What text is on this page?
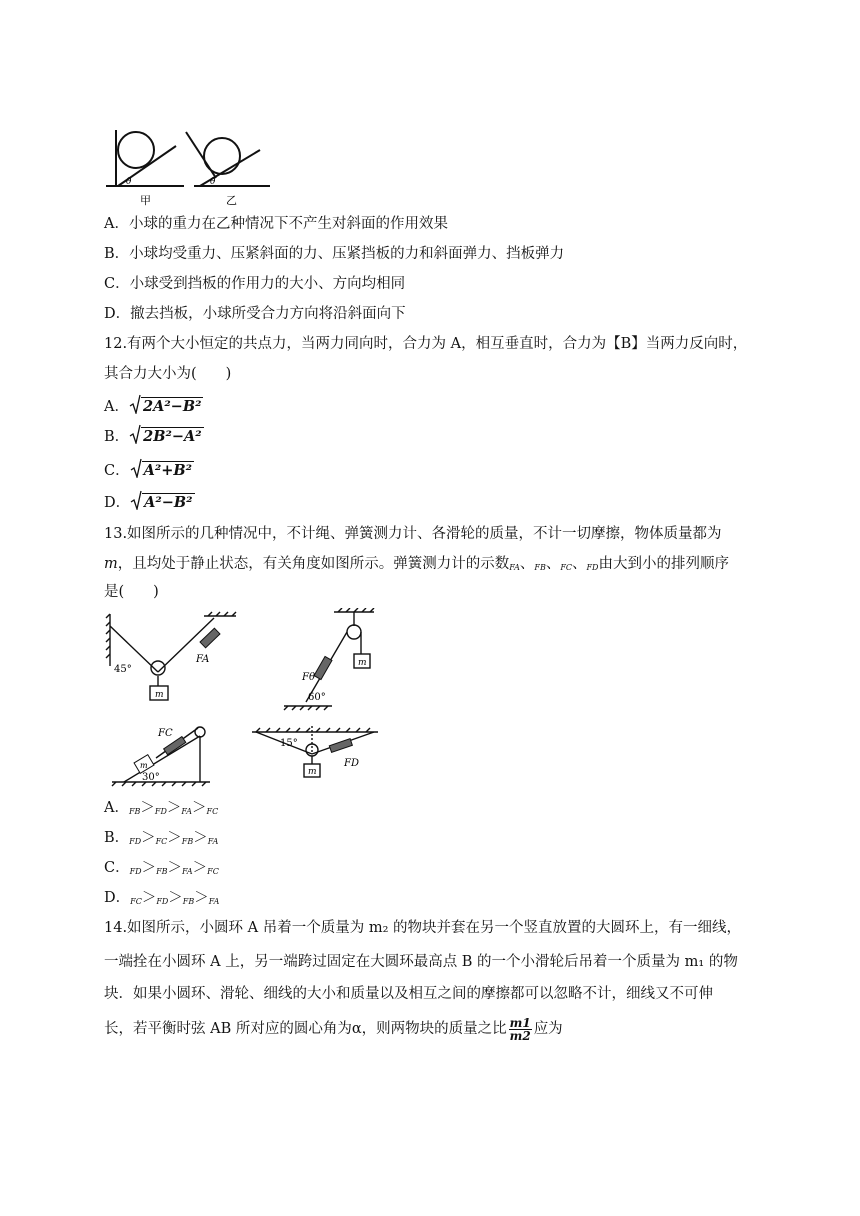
θ	θ
甲	乙
A．小球的重力在乙种情况下不产生对斜面的作用效果
B．小球均受重力、压紧斜面的力、压紧挡板的力和斜面弹力、挡板弹力
C．小球受到挡板的作用力的大小、方向均相同
D．撤去挡板，小球所受合力方向将沿斜面向下
12.有两个大小恒定的共点力，当两力同向时，合力为 A，相互垂直时，合力为【B】当两力反向时，
其合力大小为(　　)
A． 2A²−B²
B． 2B²−A²
C． A²+B²
D． A²−B²
13.如图所示的几种情况中，不计绳、弹簧测力计、各滑轮的质量，不计一切摩擦，物体质量都为
m，且均处于静止状态，有关角度如图所示。弹簧测力计的示数$_{FA}$、$_{FB}$、$_{FC}$、$_{FD}$由大到小的排列顺序
是(　　)
45°
FA
m
Fθ
60°
m
FC
m
30°
15°
FD
m
A．$_{FB}>_{FD}>_{FA}>_{FC}$
B．$_{FD}>_{FC}>_{FB}>_{FA}$
C．$_{FD}>_{FB}>_{FA}>_{FC}$
D．$_{FC}>_{FD}>_{FB}>_{FA}$
14.如图所示，小圆环 A 吊着一个质量为 m₂ 的物块并套在另一个竖直放置的大圆环上，有一细线，
一端拴在小圆环 A 上，另一端跨过固定在大圆环最高点 B 的一个小滑轮后吊着一个质量为 m₁ 的物
块．如果小圆环、滑轮、细线的大小和质量以及相互之间的摩擦都可以忽略不计，细线又不可伸
长，若平衡时弦 AB 所对应的圆心角为α，则两物块的质量之比 $\frac{m1}{m2}$ 应为
